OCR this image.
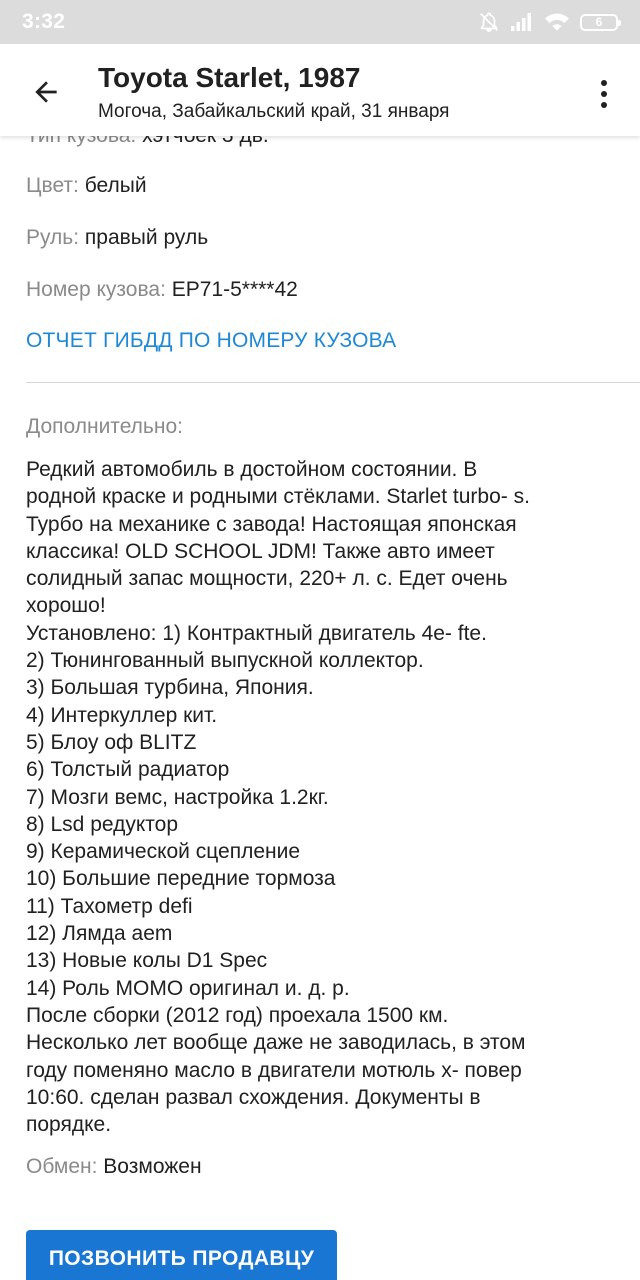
Цвет: белый
Руль: правый руль
Номер кузова: EP71-5****42
ОТЧЕТ ГИБДД ПО НОМЕРУ КУЗОВА
Дополнительно:

Редкий автомобиль в достойном состоянии. В

родной краске и родными стёклами. Starlet turbo- s.

Турбо на механике с завода! Настоящая японская

классика! OLD SCHOOL JDM! Также авто имеет

солидный запас мощности, 220+ л. с. Едет очень

хорошо!

Установлено: 1) Контрактный двигатель 4e- fte.

2) Тюнингованный выпускной коллектор.

3) Большая турбина, Япония.

4) Интеркуллер кит.

5) Блоу оф BLITZ

6) Толстый радиатор

7) Мозги вемс, настройка 1.2кг.

8) Lsd редуктор

9) Керамической сцепление

10) Большие передние тормоза

11) Тахометр defi

12) Лямда aem

13) Новые колы D1 Spec

14) Роль MOMO оригинал и. д. р.

После сборки (2012 год) проехала 1500 км.

Несколько лет вообще даже не заводилась, в этом

году поменяно масло в двигатели мотюль х- повер

10:60. сделан развал схождения. Документы в

порядке.

Обмен: Возможен
ПОЗВОНИТЬ ПРОДАВЦУ
Toyota Starlet, 1987
Могоча, Забайкальский край, 31 января
3:32	6
